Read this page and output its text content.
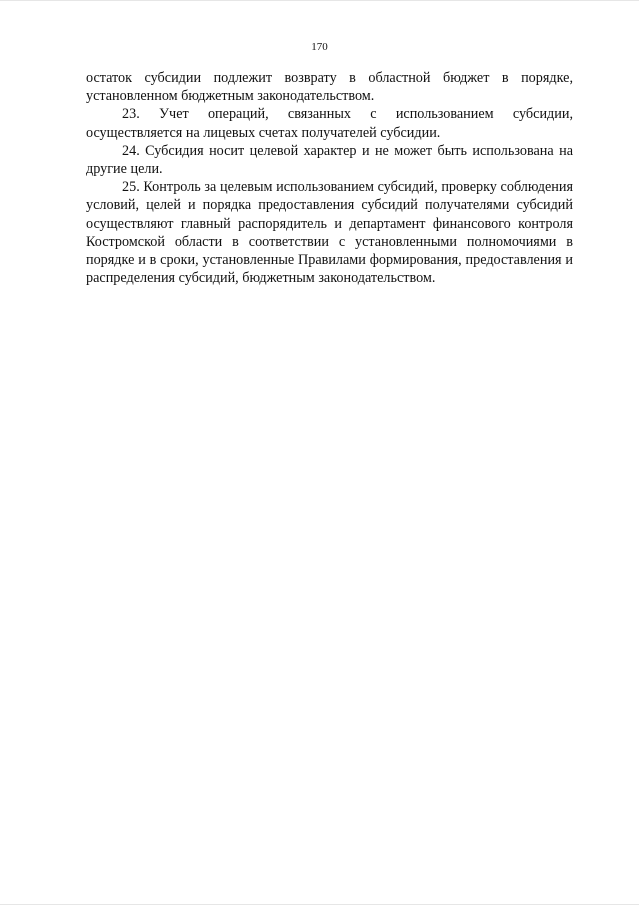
170

остаток субсидии подлежит возврату в областной бюджет в порядке, установленном бюджетным законодательством.

23. Учет операций, связанных с использованием субсидии, осуществляется на лицевых счетах получателей субсидии.

24. Субсидия носит целевой характер и не может быть использована на другие цели.

25. Контроль за целевым использованием субсидий, проверку соблюдения условий, целей и порядка предоставления субсидий получателями субсидий осуществляют главный распорядитель и департамент финансового контроля Костромской области в соответствии с установленными полномочиями в порядке и в сроки, установленные Правилами формирования, предоставления и распределения субсидий, бюджетным законодательством.
